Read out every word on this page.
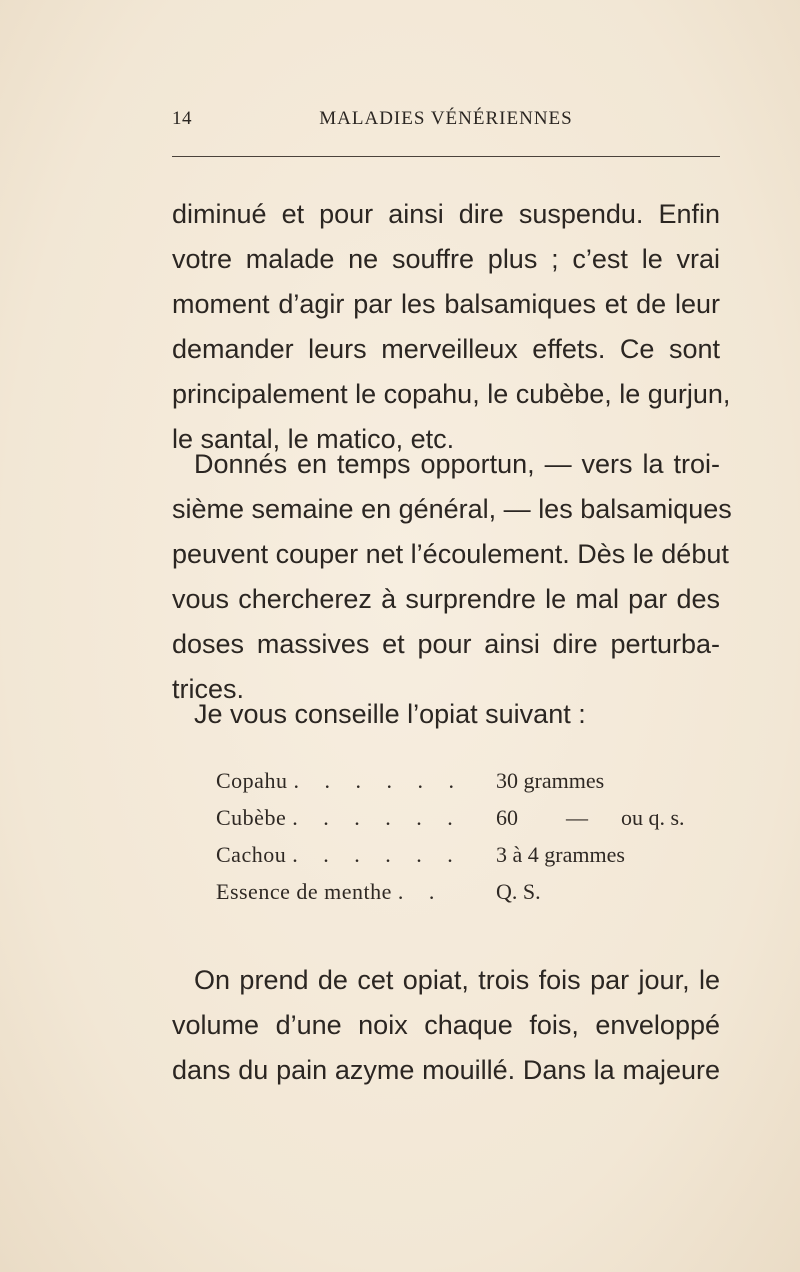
14	MALADIES VÉNÉRIENNES
diminué et pour ainsi dire suspendu. Enfin
votre malade ne souffre plus ; c’est le vrai
moment d’agir par les balsamiques et de leur
demander leurs merveilleux effets. Ce sont
principalement le copahu, le cubèbe, le gurjun,
le santal, le matico, etc.
Donnés en temps opportun, — vers la troi-
sième semaine en général, — les balsamiques
peuvent couper net l’écoulement. Dès le début
vous chercherez à surprendre le mal par des
doses massives et pour ainsi dire perturba-
trices.
Je vous conseille l’opiat suivant :
Copahu . . . . . . 30 grammes
Cubèbe . . . . . . 60 — ou q. s.
Cachou . . . . . . 3 à 4 grammes
Essence de menthe . . Q. S.
On prend de cet opiat, trois fois par jour, le
volume d’une noix chaque fois, enveloppé
dans du pain azyme mouillé. Dans la majeure
